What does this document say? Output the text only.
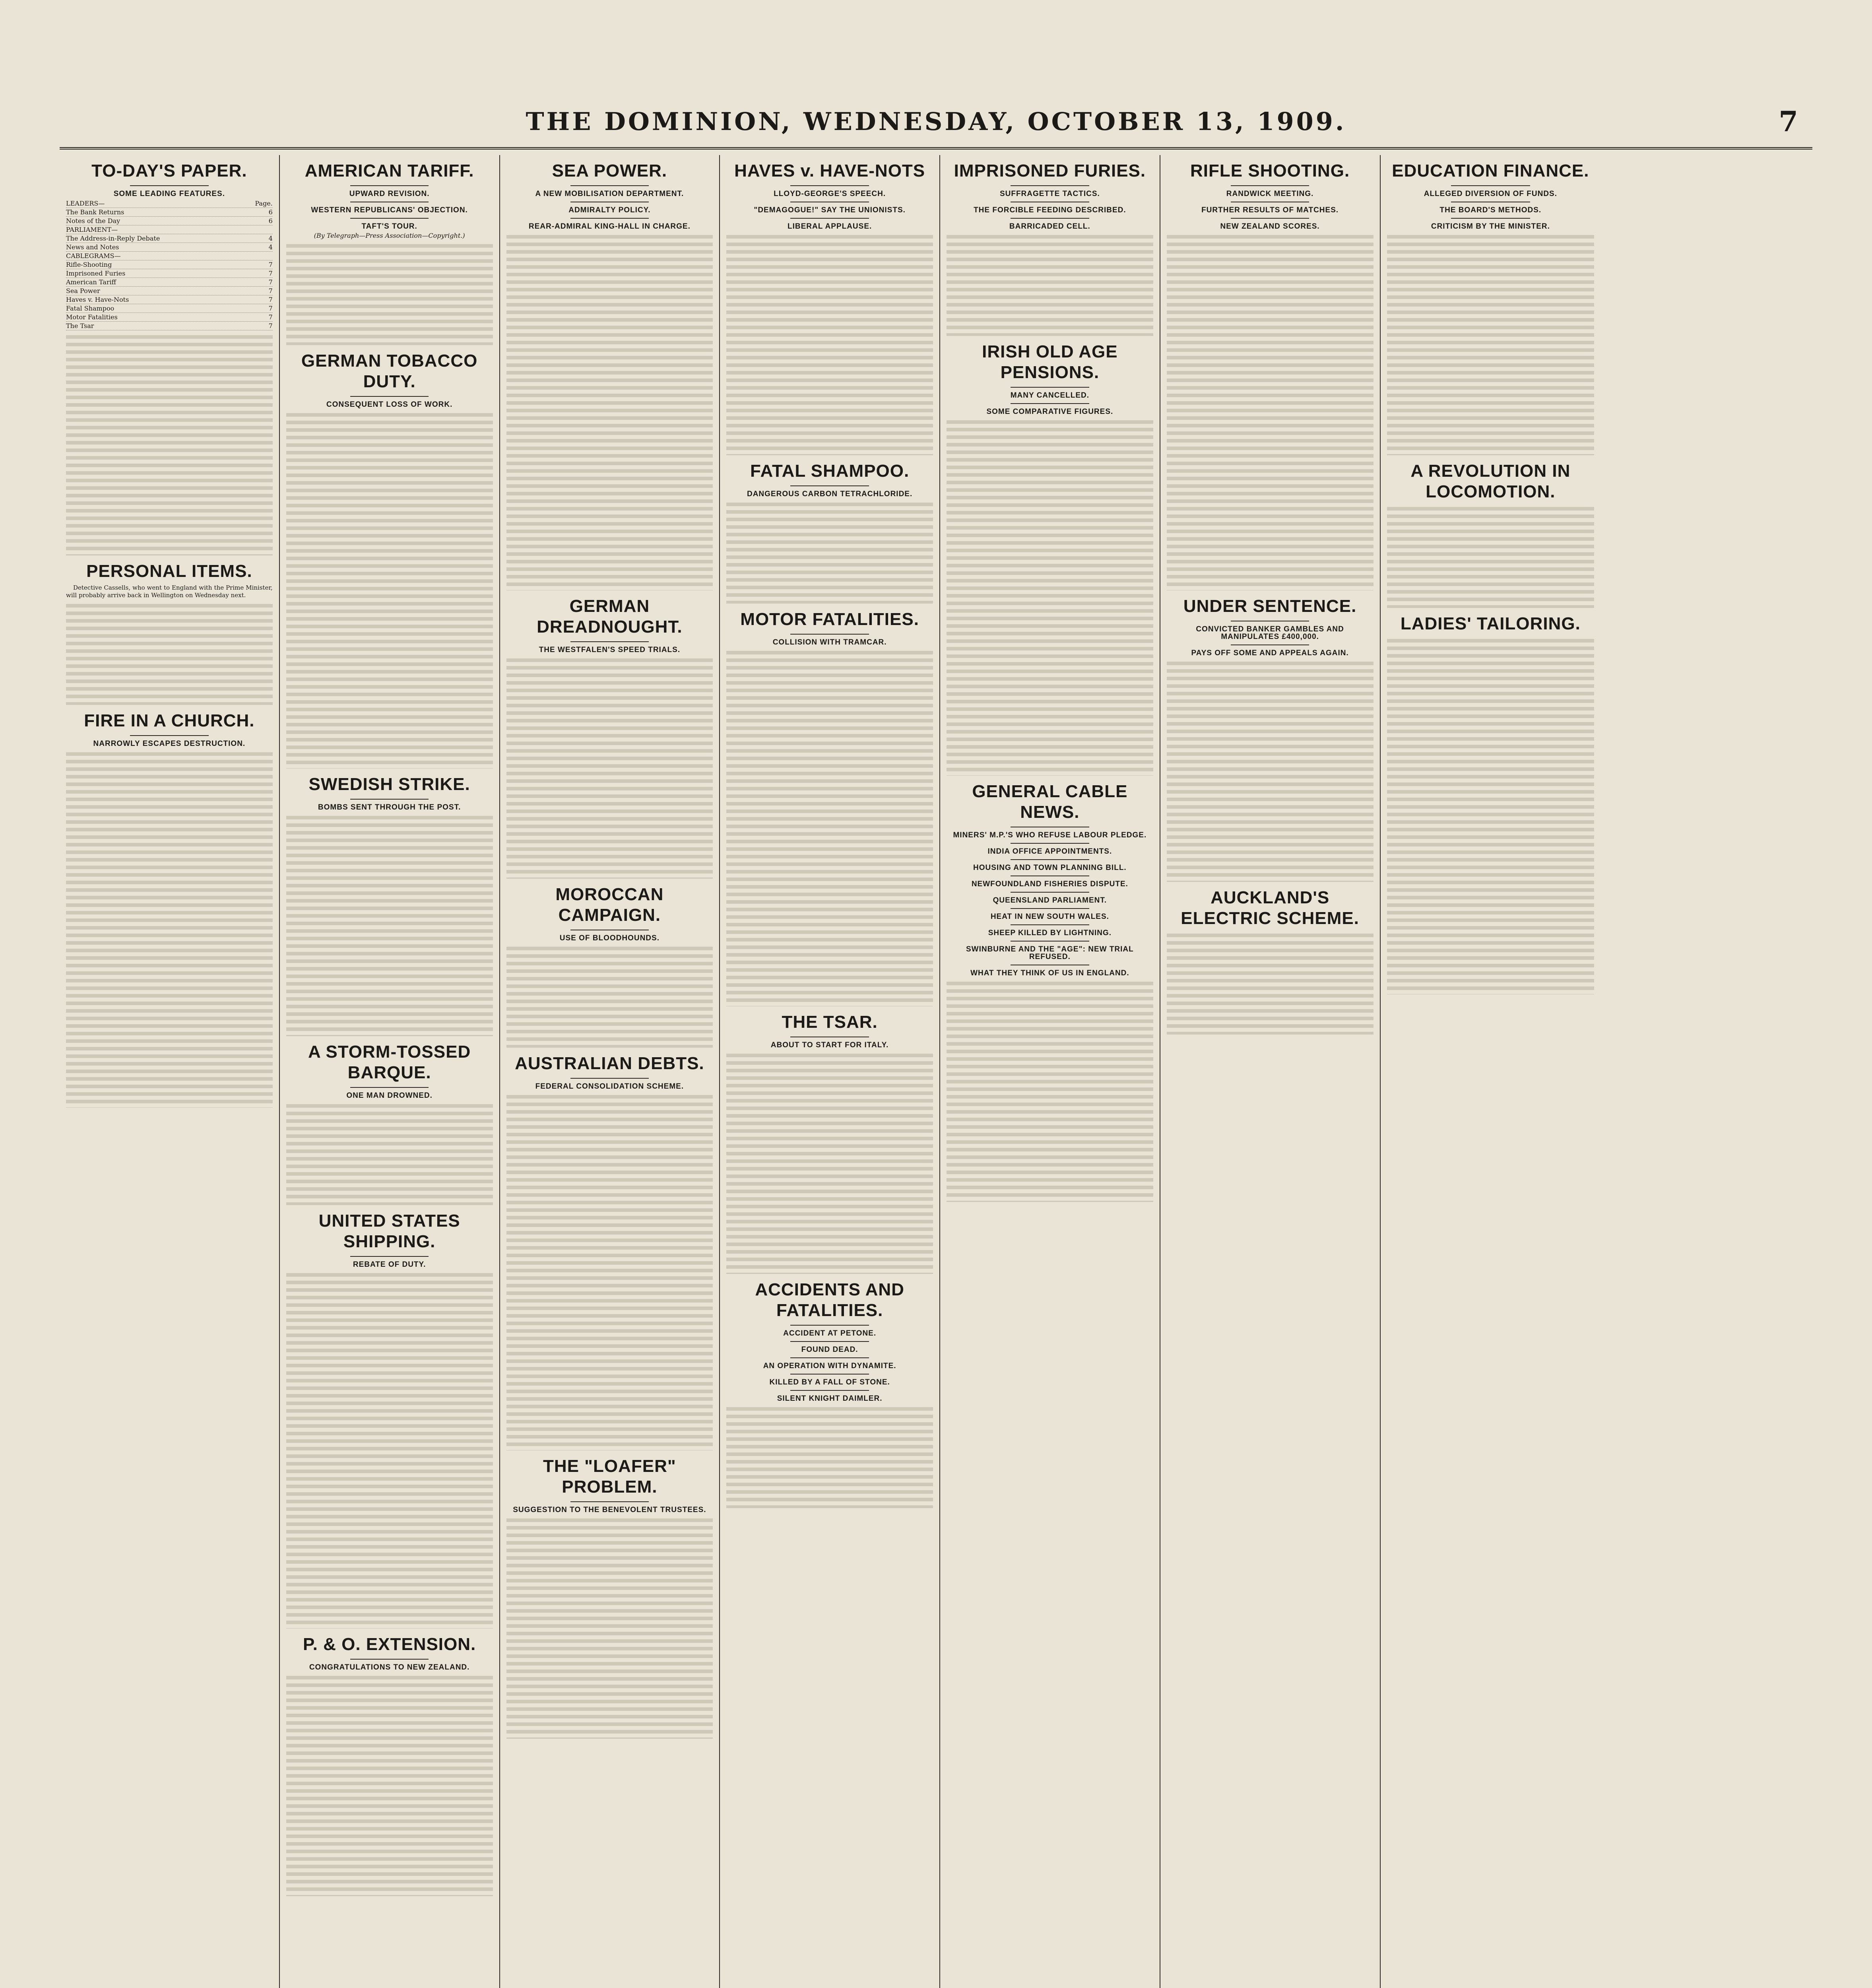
THE DOMINION, WEDNESDAY, OCTOBER 13, 1909.	7
TO-DAY'S PAPER.
SOME LEADING FEATURES.
LEADERS—	Page.
The Bank Returns	6
Notes of the Day	6
PARLIAMENT—
The Address-in-Reply Debate	4
News and Notes	4
CABLEGRAMS—
Rifle-Shooting	7
Imprisoned Furies	7
American Tariff	7
Sea Power	7
Haves v. Have-Nots	7
Fatal Shampoo	7
Motor Fatalities	7
The Tsar	7
PERSONAL ITEMS.

Detective Cassells, who went to England with the Prime Minister, will probably arrive back in Wellington on Wednesday next.

FIRE IN A CHURCH.
NARROWLY ESCAPES DESTRUCTION.
AMERICAN TARIFF.
UPWARD REVISION.
WESTERN REPUBLICANS' OBJECTION.
TAFT'S TOUR.
(By Telegraph—Press Association—Copyright.)
GERMAN TOBACCO DUTY.
CONSEQUENT LOSS OF WORK.
SWEDISH STRIKE.
BOMBS SENT THROUGH THE POST.
A STORM-TOSSED BARQUE.
ONE MAN DROWNED.
UNITED STATES SHIPPING.
REBATE OF DUTY.
P. & O. EXTENSION.
CONGRATULATIONS TO NEW ZEALAND.
SEA POWER.
A NEW MOBILISATION DEPARTMENT.
ADMIRALTY POLICY.
REAR-ADMIRAL KING-HALL IN CHARGE.
GERMAN DREADNOUGHT.
THE WESTFALEN'S SPEED TRIALS.
MOROCCAN CAMPAIGN.
USE OF BLOODHOUNDS.
AUSTRALIAN DEBTS.
FEDERAL CONSOLIDATION SCHEME.
THE "LOAFER" PROBLEM.
SUGGESTION TO THE BENEVOLENT TRUSTEES.
HAVES v. HAVE-NOTS
LLOYD-GEORGE'S SPEECH.
"DEMAGOGUE!" SAY THE UNIONISTS.
LIBERAL APPLAUSE.
FATAL SHAMPOO.
DANGEROUS CARBON TETRACHLORIDE.
MOTOR FATALITIES.
COLLISION WITH TRAMCAR.
THE TSAR.
ABOUT TO START FOR ITALY.
ACCIDENTS AND FATALITIES.
ACCIDENT AT PETONE.
FOUND DEAD.
AN OPERATION WITH DYNAMITE.
KILLED BY A FALL OF STONE.
SILENT KNIGHT DAIMLER.
IMPRISONED FURIES.
SUFFRAGETTE TACTICS.
THE FORCIBLE FEEDING DESCRIBED.
BARRICADED CELL.
IRISH OLD AGE PENSIONS.
MANY CANCELLED.
SOME COMPARATIVE FIGURES.
GENERAL CABLE NEWS.
MINERS' M.P.'S WHO REFUSE LABOUR PLEDGE.
INDIA OFFICE APPOINTMENTS.
HOUSING AND TOWN PLANNING BILL.
NEWFOUNDLAND FISHERIES DISPUTE.
QUEENSLAND PARLIAMENT.
HEAT IN NEW SOUTH WALES.
SHEEP KILLED BY LIGHTNING.
SWINBURNE AND THE "AGE": NEW TRIAL REFUSED.
WHAT THEY THINK OF US IN ENGLAND.
RIFLE SHOOTING.
RANDWICK MEETING.
FURTHER RESULTS OF MATCHES.
NEW ZEALAND SCORES.
UNDER SENTENCE.
CONVICTED BANKER GAMBLES AND MANIPULATES £400,000.
PAYS OFF SOME AND APPEALS AGAIN.
AUCKLAND'S ELECTRIC SCHEME.
EDUCATION FINANCE.
ALLEGED DIVERSION OF FUNDS.
THE BOARD'S METHODS.
CRITICISM BY THE MINISTER.
A REVOLUTION IN LOCOMOTION.
LADIES' TAILORING.
